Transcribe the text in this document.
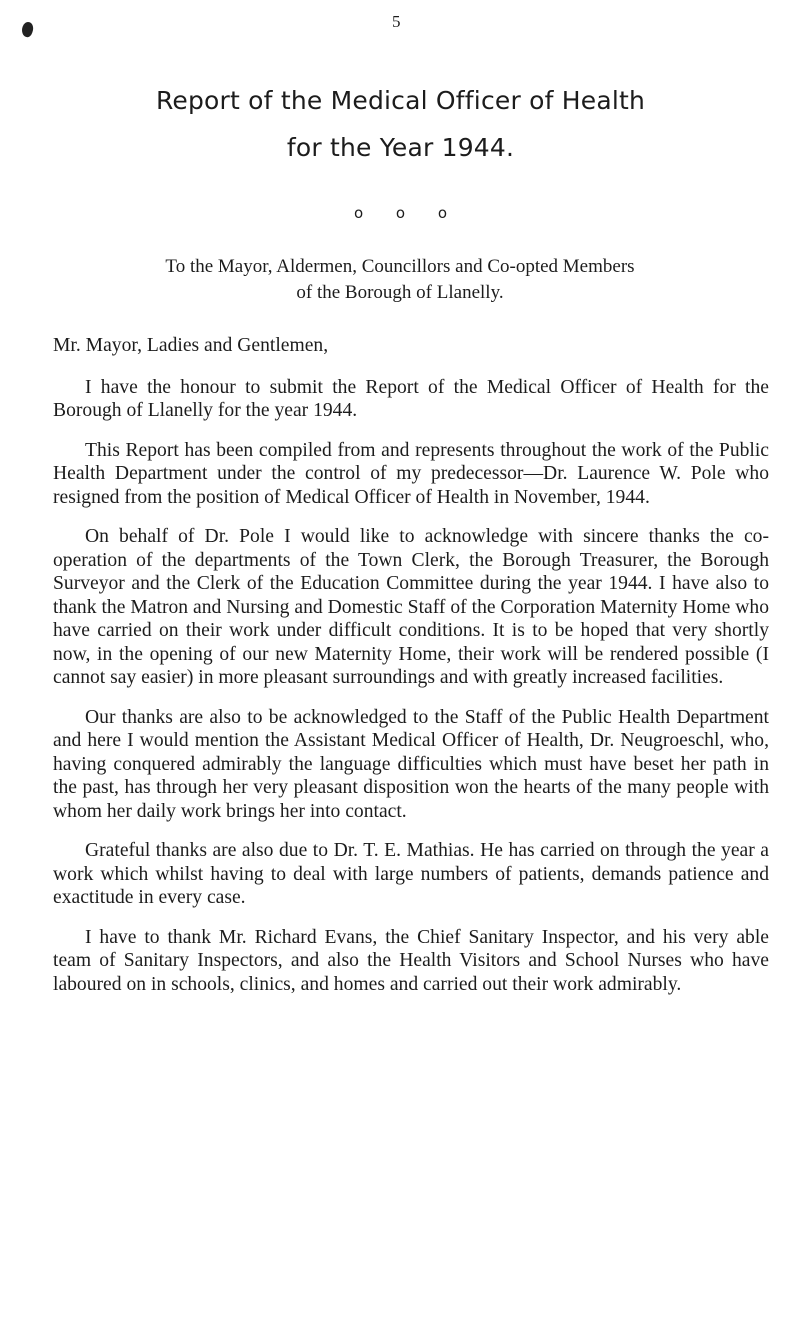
5
Report of the Medical Officer of Health
for the Year 1944.
o o o

To the Mayor, Aldermen, Councillors and Co-opted Members
of the Borough of Llanelly.

Mr. Mayor, Ladies and Gentlemen,

I have the honour to submit the Report of the Medical Officer of Health for the Borough of Llanelly for the year 1944.

This Report has been compiled from and represents throughout the work of the Public Health Department under the control of my predecessor—Dr. Laurence W. Pole who resigned from the position of Medical Officer of Health in November, 1944.

On behalf of Dr. Pole I would like to acknowledge with sincere thanks the co-operation of the departments of the Town Clerk, the Borough Treasurer, the Borough Surveyor and the Clerk of the Education Committee during the year 1944. I have also to thank the Matron and Nursing and Domestic Staff of the Corporation Maternity Home who have carried on their work under difficult conditions. It is to be hoped that very shortly now, in the opening of our new Maternity Home, their work will be rendered possible (I cannot say easier) in more pleasant surroundings and with greatly increased facilities.

Our thanks are also to be acknowledged to the Staff of the Public Health Department and here I would mention the Assistant Medical Officer of Health, Dr. Neugroeschl, who, having conquered admirably the language difficulties which must have beset her path in the past, has through her very pleasant disposition won the hearts of the many people with whom her daily work brings her into contact.

Grateful thanks are also due to Dr. T. E. Mathias. He has carried on through the year a work which whilst having to deal with large numbers of patients, demands patience and exactitude in every case.

I have to thank Mr. Richard Evans, the Chief Sanitary Inspector, and his very able team of Sanitary Inspectors, and also the Health Visitors and School Nurses who have laboured on in schools, clinics, and homes and carried out their work admirably.
